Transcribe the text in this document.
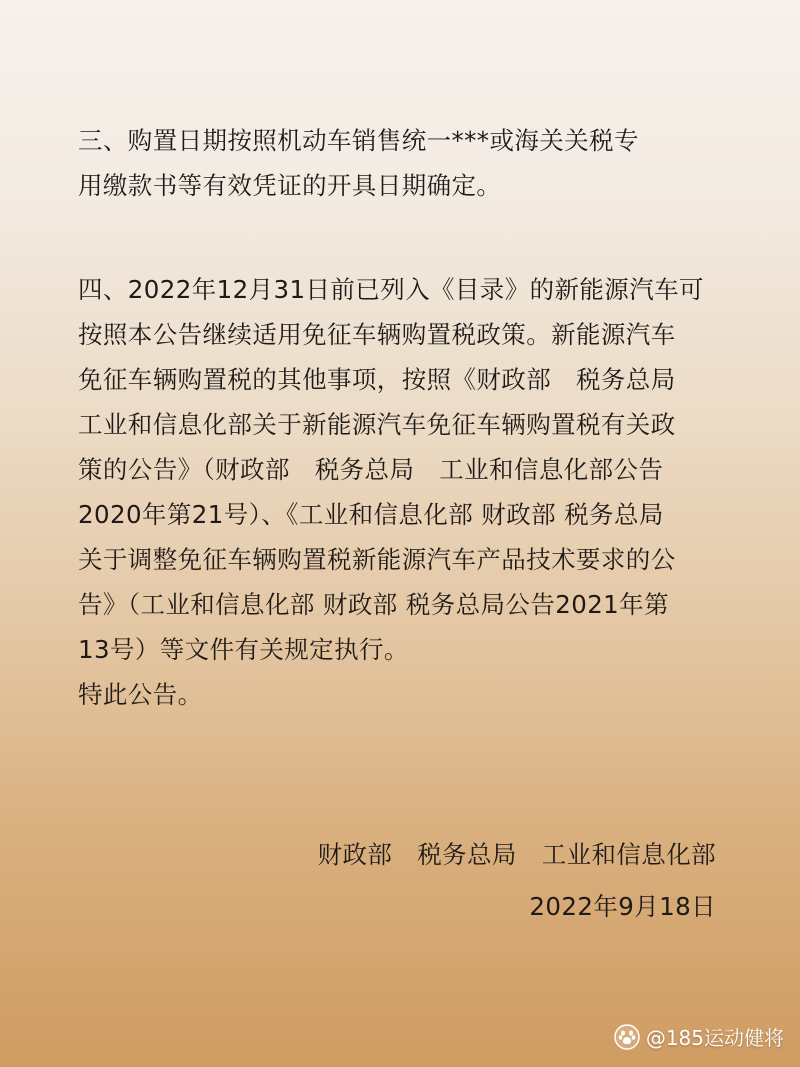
三、购置日期按照机动车销售统一***或海关关税专
用缴款书等有效凭证的开具日期确定。

四、2022年12月31日前已列入《目录》的新能源汽车可
按照本公告继续适用免征车辆购置税政策。新能源汽车
免征车辆购置税的其他事项，按照《财政部　税务总局
工业和信息化部关于新能源汽车免征车辆购置税有关政
策的公告》（财政部　税务总局　工业和信息化部公告
2020年第21号）、《工业和信息化部 财政部 税务总局
关于调整免征车辆购置税新能源汽车产品技术要求的公
告》（工业和信息化部 财政部 税务总局公告2021年第
13号）等文件有关规定执行。

特此公告。

财政部　税务总局　工业和信息化部
2022年9月18日
@185运动健将
